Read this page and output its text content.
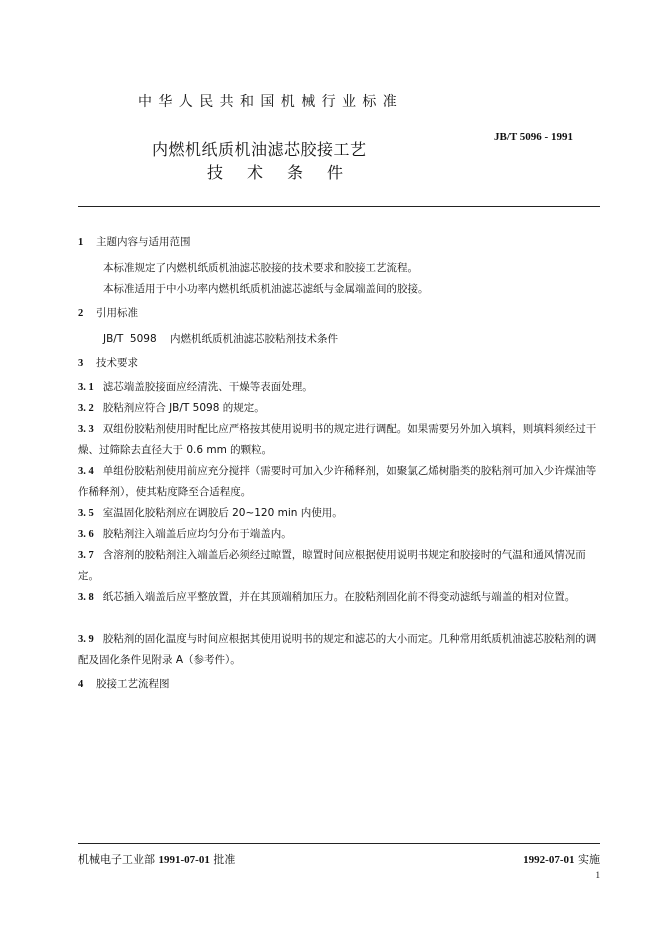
中华人民共和国机械行业标准
JB/T 5096 - 1991
内燃机纸质机油滤芯胶接工艺
技术条件
1 主题内容与适用范围
本标准规定了内燃机纸质机油滤芯胶接的技术要求和胶接工艺流程。
本标准适用于中小功率内燃机纸质机油滤芯滤纸与金属端盖间的胶接。
2 引用标准
JB/T  5098    内燃机纸质机油滤芯胶粘剂技术条件
3 技术要求
3. 1 滤芯端盖胶接面应经清洗、干燥等表面处理。
3. 2 胶粘剂应符合 JB/T 5098 的规定。
3. 3 双组份胶粘剂使用时配比应严格按其使用说明书的规定进行调配。如果需要另外加入填料，则填料须经过干燥、过筛除去直径大于 0.6 mm 的颗粒。
3. 4 单组份胶粘剂使用前应充分搅拌（需要时可加入少许稀释剂，如聚氯乙烯树脂类的胶粘剂可加入少许煤油等作稀释剂），使其粘度降至合适程度。
3. 5 室温固化胶粘剂应在调胶后 20~120 min 内使用。
3. 6 胶粘剂注入端盖后应均匀分布于端盖内。
3. 7 含溶剂的胶粘剂注入端盖后必须经过晾置，晾置时间应根据使用说明书规定和胶接时的气温和通风情况而定。
3. 8 纸芯插入端盖后应平整放置，并在其顶端稍加压力。在胶粘剂固化前不得变动滤纸与端盖的相对位置。
3. 9 胶粘剂的固化温度与时间应根据其使用说明书的规定和滤芯的大小而定。几种常用纸质机油滤芯胶粘剂的调配及固化条件见附录 A（参考件）。
4 胶接工艺流程图
机械电子工业部 1991-07-01 批准	1992-07-01 实施
1
